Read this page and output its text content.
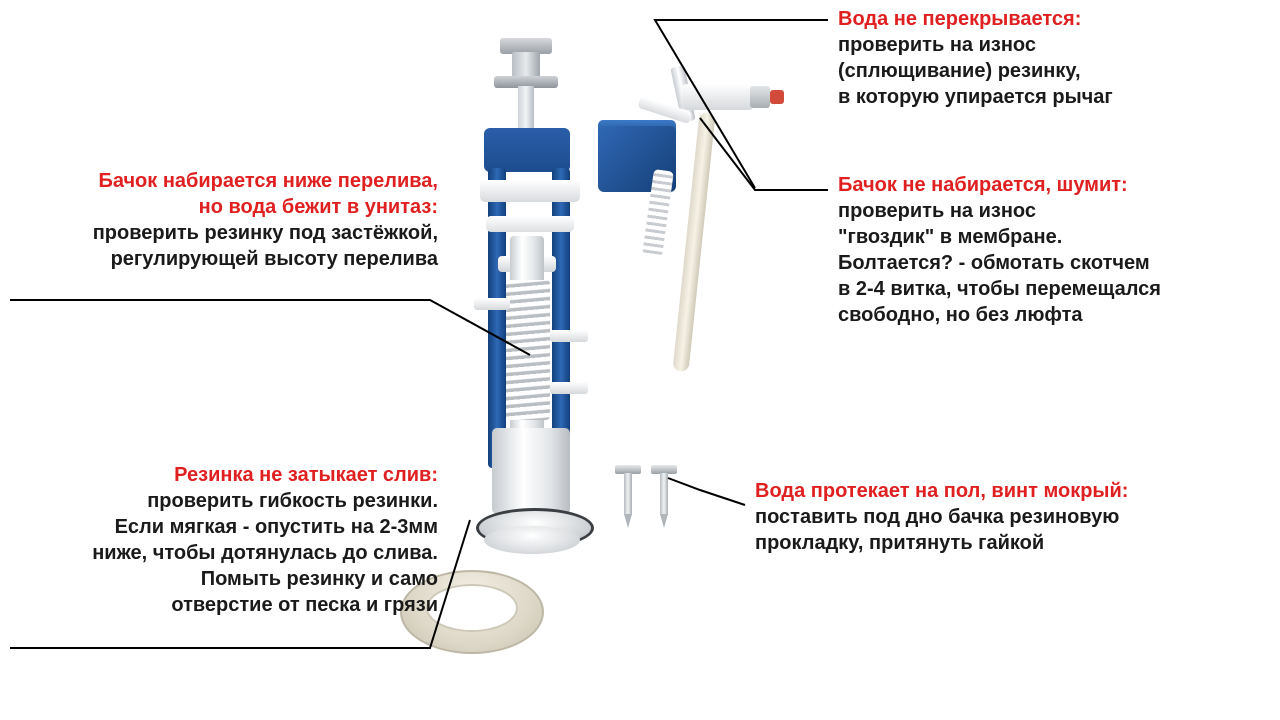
Вода не перекрывается:
проверить на износ
(сплющивание) резинку,
в которую упирается рычаг
Бачок не набирается, шумит:
проверить на износ
"гвоздик" в мембране.
Болтается? - обмотать скотчем
в 2-4 витка, чтобы перемещался
свободно, но без люфта
Бачок набирается ниже перелива,
но вода бежит в унитаз:
проверить резинку под застёжкой,
регулирующей высоту перелива
Резинка не затыкает слив:
проверить гибкость резинки.
Если мягкая - опустить на 2-3мм
ниже, чтобы дотянулась до слива.
Помыть резинку и само
отверстие от песка и грязи
Вода протекает на пол, винт мокрый:
поставить под дно бачка резиновую
прокладку, притянуть гайкой
